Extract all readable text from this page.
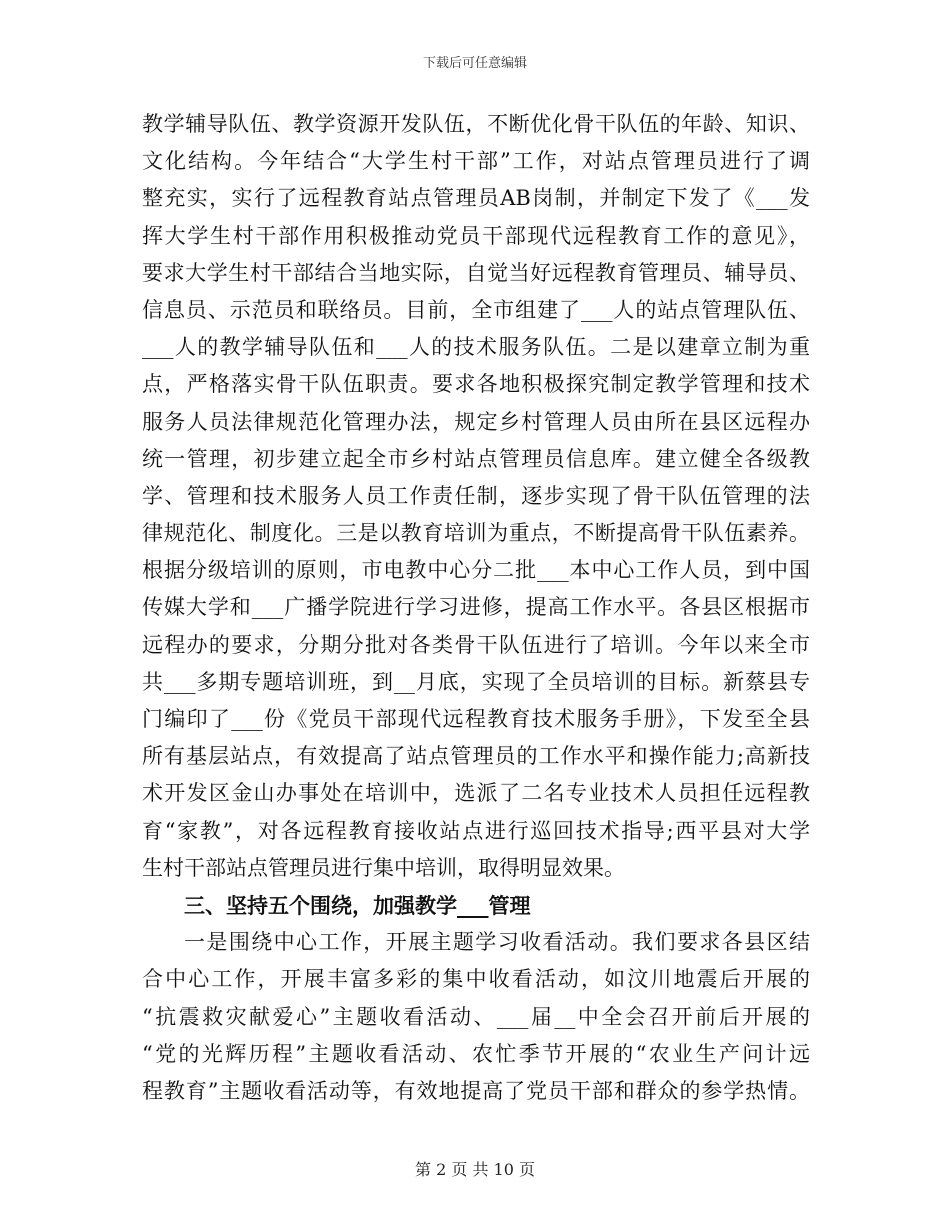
下载后可任意编辑
教学辅导队伍、教学资源开发队伍，不断优化骨干队伍的年龄、知识、
文化结构。今年结合“大学生村干部”工作，对站点管理员进行了调
整充实，实行了远程教育站点管理员AB岗制，并制定下发了《___发
挥大学生村干部作用积极推动党员干部现代远程教育工作的意见》，
要求大学生村干部结合当地实际，自觉当好远程教育管理员、辅导员、
信息员、示范员和联络员。目前，全市组建了___人的站点管理队伍、
___人的教学辅导队伍和___人的技术服务队伍。二是以建章立制为重
点，严格落实骨干队伍职责。要求各地积极探究制定教学管理和技术
服务人员法律规范化管理办法，规定乡村管理人员由所在县区远程办
统一管理，初步建立起全市乡村站点管理员信息库。建立健全各级教
学、管理和技术服务人员工作责任制，逐步实现了骨干队伍管理的法
律规范化、制度化。三是以教育培训为重点，不断提高骨干队伍素养。
根据分级培训的原则，市电教中心分二批___本中心工作人员，到中国
传媒大学和___广播学院进行学习进修，提高工作水平。各县区根据市
远程办的要求，分期分批对各类骨干队伍进行了培训。今年以来全市
共___多期专题培训班，到__月底，实现了全员培训的目标。新蔡县专
门编印了___份《党员干部现代远程教育技术服务手册》，下发至全县
所有基层站点，有效提高了站点管理员的工作水平和操作能力;高新技
术开发区金山办事处在培训中，选派了二名专业技术人员担任远程教
育“家教”，对各远程教育接收站点进行巡回技术指导;西平县对大学
生村干部站点管理员进行集中培训，取得明显效果。
三、坚持五个围绕，加强教学___管理
一是围绕中心工作，开展主题学习收看活动。我们要求各县区结
合中心工作，开展丰富多彩的集中收看活动，如汶川地震后开展的
“抗震救灾献爱心”主题收看活动、___届__中全会召开前后开展的
“党的光辉历程”主题收看活动、农忙季节开展的“农业生产问计远
程教育”主题收看活动等，有效地提高了党员干部和群众的参学热情。
第 2 页 共 10 页
